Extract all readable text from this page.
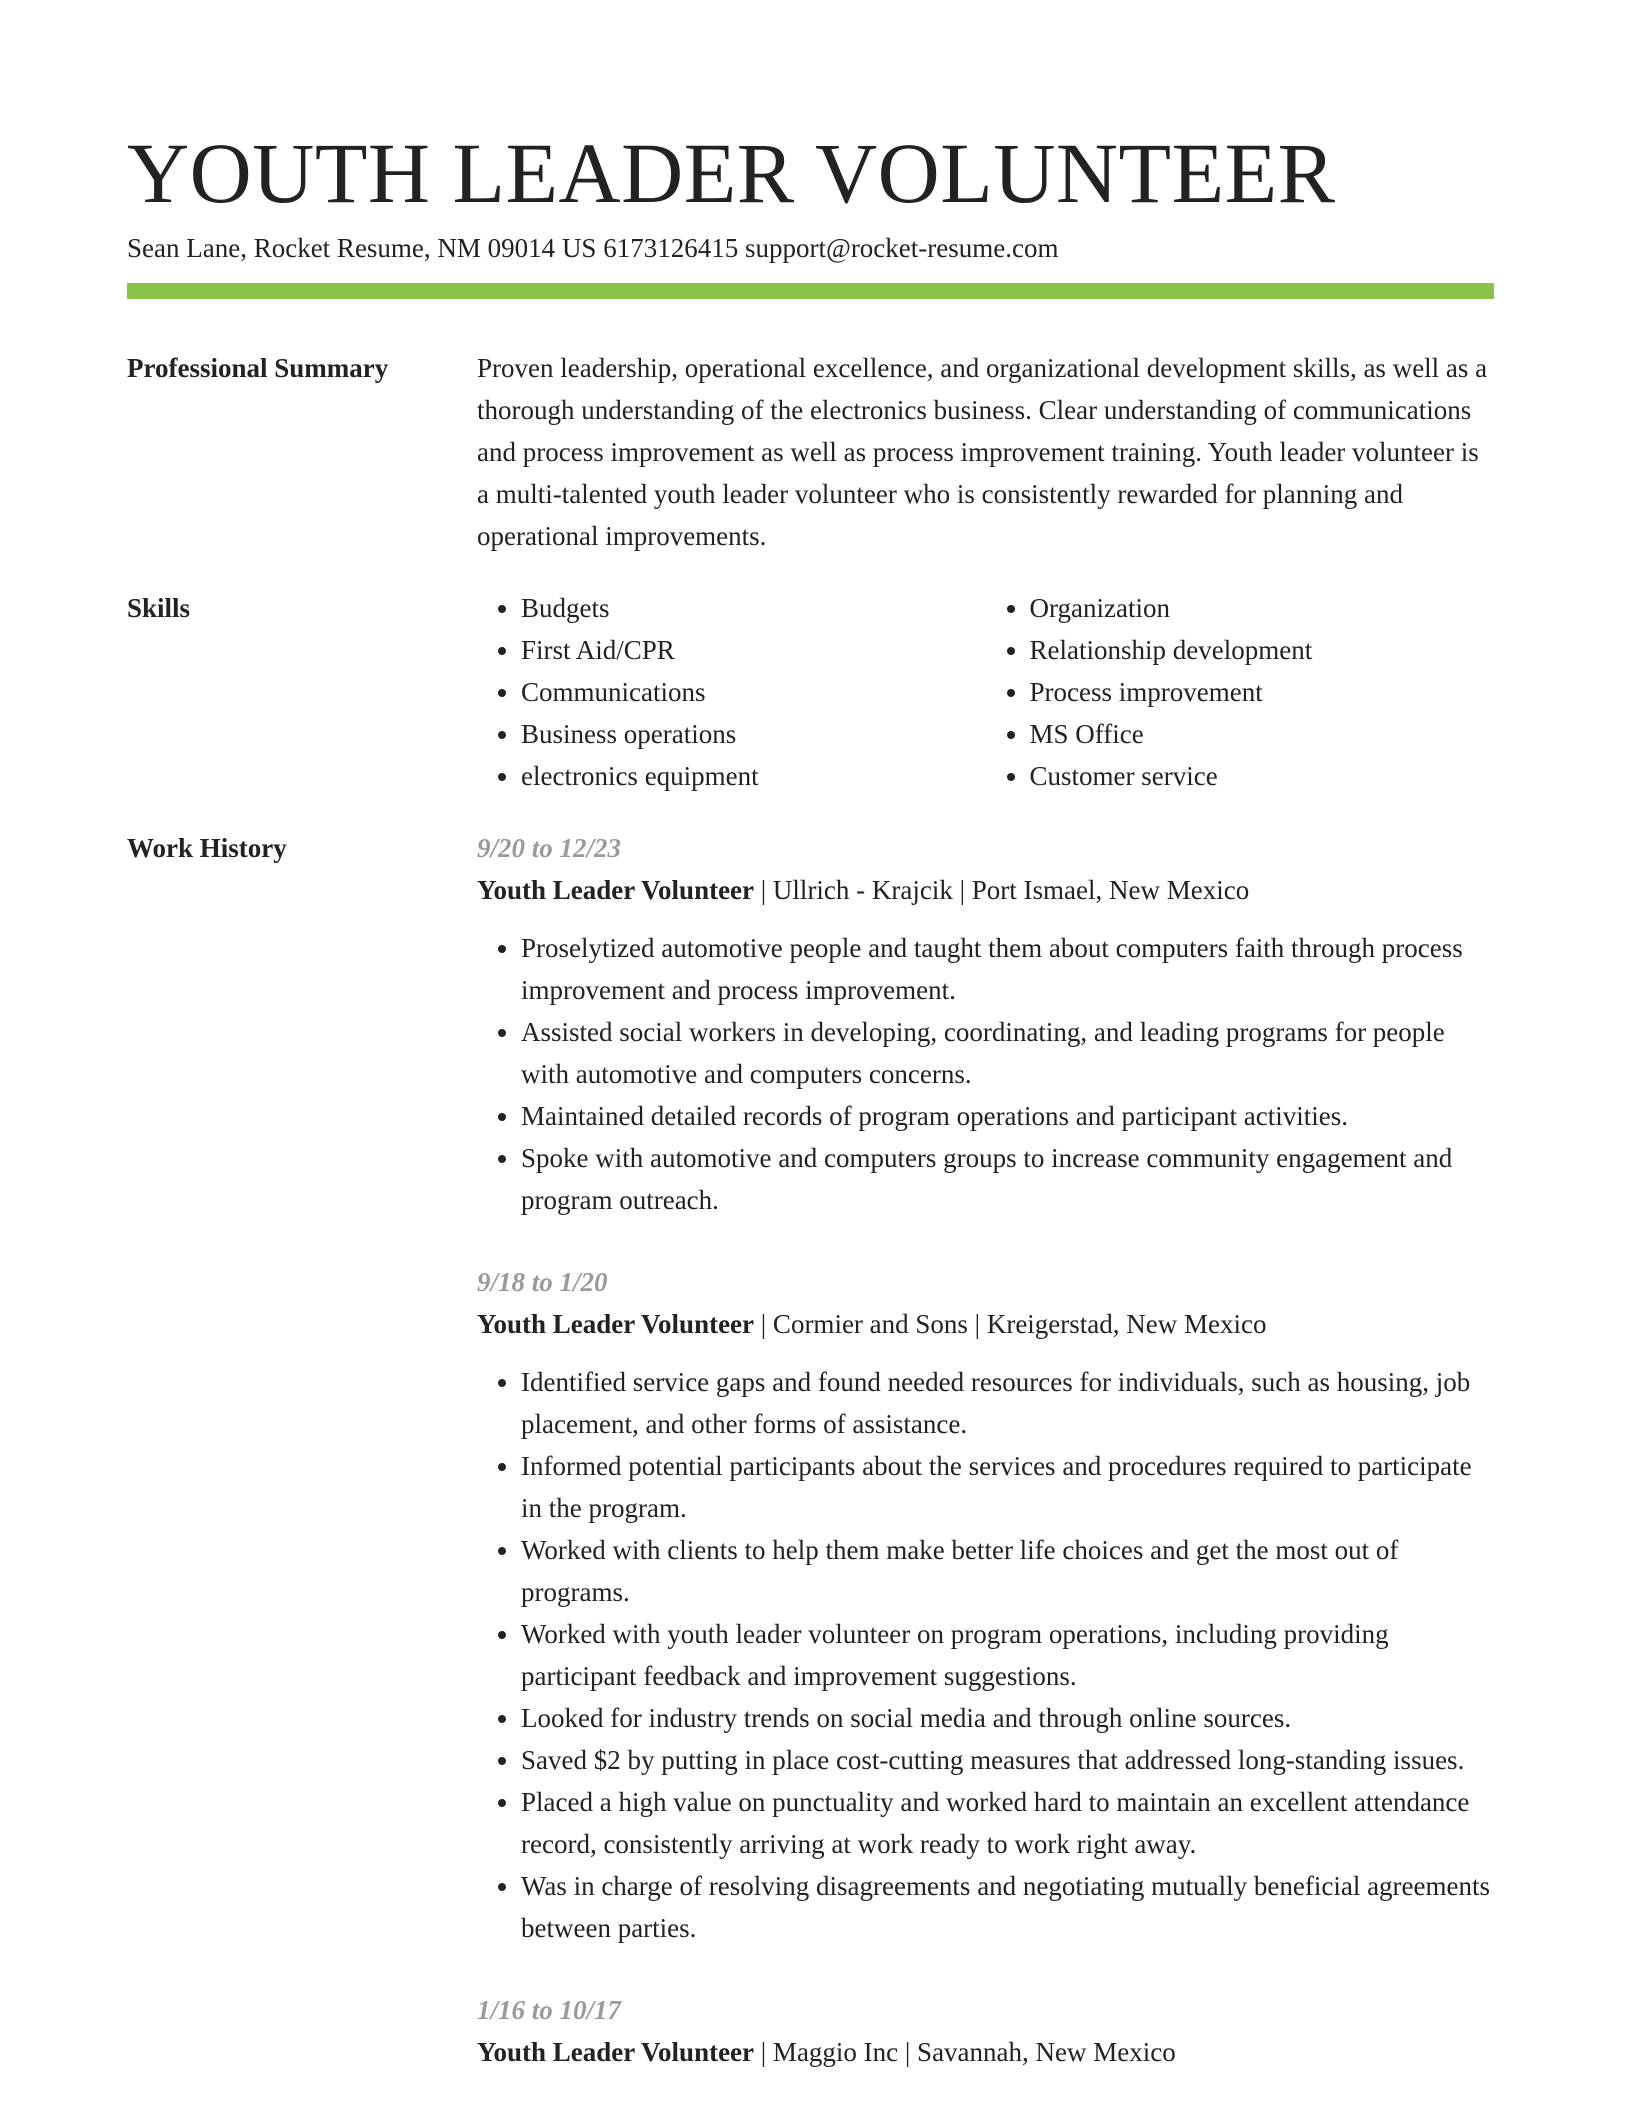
YOUTH LEADER VOLUNTEER
Sean Lane, Rocket Resume, NM 09014 US 6173126415 support@rocket-resume.com
Professional Summary	Proven leadership, operational excellence, and organizational development skills, as well as a thorough understanding of the electronics business. Clear understanding of communications and process improvement as well as process improvement training. Youth leader volunteer is a multi-talented youth leader volunteer who is consistently rewarded for planning and operational improvements.

Skills
•	Budgets
• First Aid/CPR
• Communications
• Business operations
• electronics equipment
• Organization
• Relationship development
• Process improvement
• MS Office
• Customer service
Work History	9/20 to 12/23
Youth Leader Volunteer | Ullrich - Krajcik | Port Ismael, New Mexico
• Proselytized automotive people and taught them about computers faith through process improvement and process improvement.
• Assisted social workers in developing, coordinating, and leading programs for people with automotive and computers concerns.
• Maintained detailed records of program operations and participant activities.
• Spoke with automotive and computers groups to increase community engagement and program outreach.
9/18 to 1/20
Youth Leader Volunteer | Cormier and Sons | Kreigerstad, New Mexico
• Identified service gaps and found needed resources for individuals, such as housing, job placement, and other forms of assistance.
• Informed potential participants about the services and procedures required to participate in the program.
• Worked with clients to help them make better life choices and get the most out of programs.
• Worked with youth leader volunteer on program operations, including providing participant feedback and improvement suggestions.
• Looked for industry trends on social media and through online sources.
• Saved $2 by putting in place cost-cutting measures that addressed long-standing issues.
• Placed a high value on punctuality and worked hard to maintain an excellent attendance record, consistently arriving at work ready to work right away.
• Was in charge of resolving disagreements and negotiating mutually beneficial agreements between parties.
1/16 to 10/17
Youth Leader Volunteer | Maggio Inc | Savannah, New Mexico
